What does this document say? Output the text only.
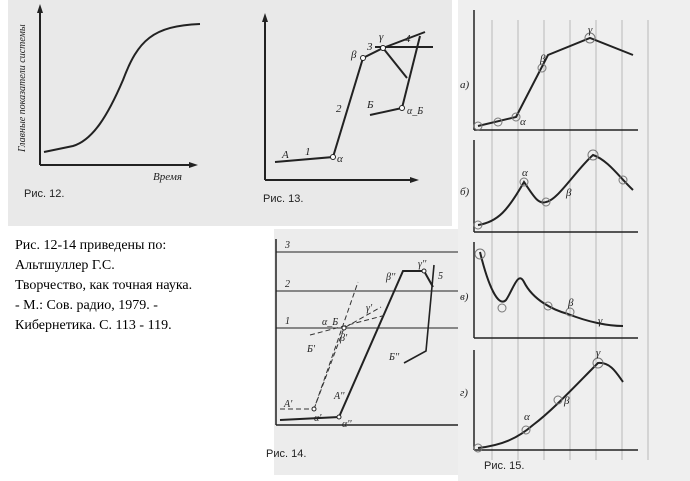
Главные показатели системы
Время
Рис. 12.
A 1
α
2
β
3
γ 4
Б
α_Б
Рис. 13.
Рис. 12-14 приведены по:
Альтшуллер Г.С.
Творчество, как точная наука.
- М.: Сов. радио, 1979. -
Кибернетика. С. 113 - 119.
3
2
1
A'
α'
A''
α''
α_Б
β'
Б'
γ'
β''
γ''
Б''
5
Рис. 14.
а)
α
β
γ
б)
α
β
в)	β
γ
г)
α
β
γ
Рис. 15.
